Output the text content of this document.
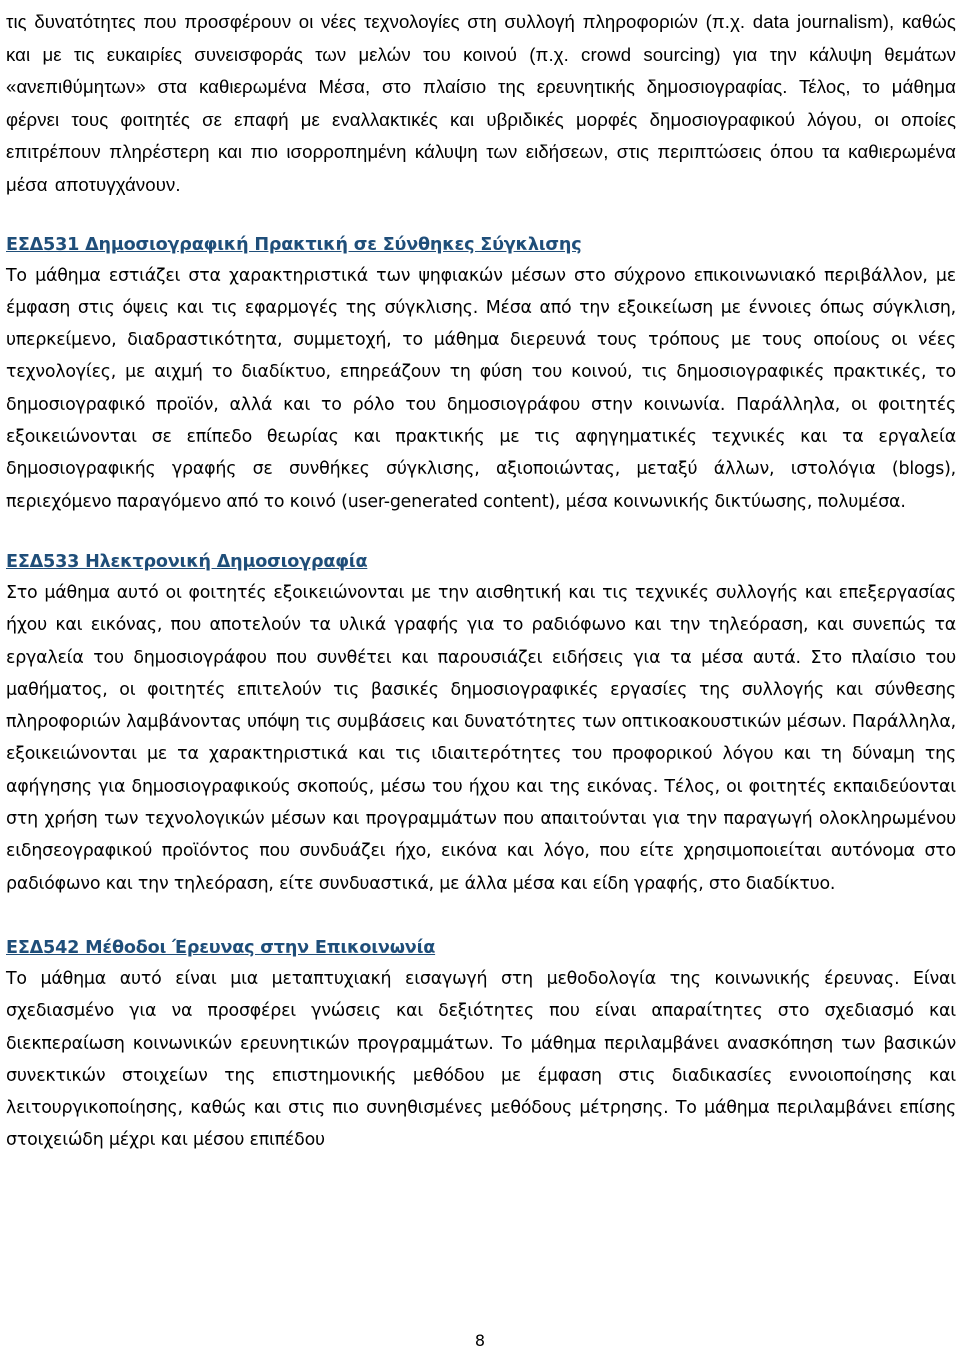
τις δυνατότητες που προσφέρουν οι νέες τεχνολογίες στη συλλογή πληροφοριών (π.χ. data journalism), καθώς και με τις ευκαιρίες συνεισφοράς των μελών του κοινού (π.χ. crowd sourcing) για την κάλυψη θεμάτων «ανεπιθύμητων» στα καθιερωμένα Μέσα, στο πλαίσιο της ερευνητικής δημοσιογραφίας. Τέλος, το μάθημα φέρνει τους φοιτητές σε επαφή με εναλλακτικές και υβριδικές μορφές δημοσιογραφικού λόγου, οι οποίες επιτρέπουν πληρέστερη και πιο ισορροπημένη κάλυψη των ειδήσεων, στις περιπτώσεις όπου τα καθιερωμένα μέσα αποτυγχάνουν.

ΕΣΔ531 Δημοσιογραφική Πρακτική σε Σύνθηκες Σύγκλισης

Το μάθημα εστιάζει στα χαρακτηριστικά των ψηφιακών μέσων στο σύχρονο επικοινωνιακό περιβάλλον, με έμφαση στις όψεις και τις εφαρμογές της σύγκλισης. Μέσα από την εξοικείωση με έννοιες όπως σύγκλιση, υπερκείμενο, διαδραστικότητα, συμμετοχή, το μάθημα διερευνά τους τρόπους με τους οποίους οι νέες τεχνολογίες, με αιχμή το διαδίκτυο, επηρεάζουν τη φύση του κοινού, τις δημοσιογραφικές πρακτικές, το δημοσιογραφικό προϊόν, αλλά και το ρόλο του δημοσιογράφου στην κοινωνία. Παράλληλα, οι φοιτητές εξοικειώνονται σε επίπεδο θεωρίας και πρακτικής με τις αφηγηματικές τεχνικές και τα εργαλεία δημοσιογραφικής γραφής σε συνθήκες σύγκλισης, αξιοποιώντας, μεταξύ άλλων, ιστολόγια (blogs), περιεχόμενο παραγόμενο από το κοινό (user-generated content), μέσα κοινωνικής δικτύωσης, πολυμέσα.

ΕΣΔ533 Ηλεκτρονική Δημοσιογραφία

Στο μάθημα αυτό οι φοιτητές εξοικειώνονται με την αισθητική και τις τεχνικές συλλογής και επεξεργασίας ήχου και εικόνας, που αποτελούν τα υλικά γραφής για το ραδιόφωνο και την τηλεόραση, και συνεπώς τα εργαλεία του δημοσιογράφου που συνθέτει και παρουσιάζει ειδήσεις για τα μέσα αυτά. Στο πλαίσιο του μαθήματος, οι φοιτητές επιτελούν τις βασικές δημοσιογραφικές εργασίες της συλλογής και σύνθεσης πληροφοριών λαμβάνοντας υπόψη τις συμβάσεις και δυνατότητες των οπτικοακουστικών μέσων. Παράλληλα, εξοικειώνονται με τα χαρακτηριστικά και τις ιδιαιτερότητες του προφορικού λόγου και τη δύναμη της αφήγησης για δημοσιογραφικούς σκοπούς, μέσω του ήχου και της εικόνας. Τέλος, οι φοιτητές εκπαιδεύονται στη χρήση των τεχνολογικών μέσων και προγραμμάτων που απαιτούνται για την παραγωγή ολοκληρωμένου ειδησεογραφικού προϊόντος που συνδυάζει ήχο, εικόνα και λόγο, που είτε χρησιμοποιείται αυτόνομα στο ραδιόφωνο και την τηλεόραση, είτε συνδυαστικά, με άλλα μέσα και είδη γραφής, στο διαδίκτυο.

ΕΣΔ542 Μέθοδοι Έρευνας στην Επικοινωνία

Το μάθημα αυτό είναι μια μεταπτυχιακή εισαγωγή στη μεθοδολογία της κοινωνικής έρευνας. Είναι σχεδιασμένο για να προσφέρει γνώσεις και δεξιότητες που είναι απαραίτητες στο σχεδιασμό και διεκπεραίωση κοινωνικών ερευνητικών προγραμμάτων. Το μάθημα περιλαμβάνει ανασκόπηση των βασικών συνεκτικών στοιχείων της επιστημονικής μεθόδου με έμφαση στις διαδικασίες εννοιοποίησης και λειτουργικοποίησης, καθώς και στις πιο συνηθισμένες μεθόδους μέτρησης. Το μάθημα περιλαμβάνει επίσης στοιχειώδη μέχρι και μέσου επιπέδου

8
